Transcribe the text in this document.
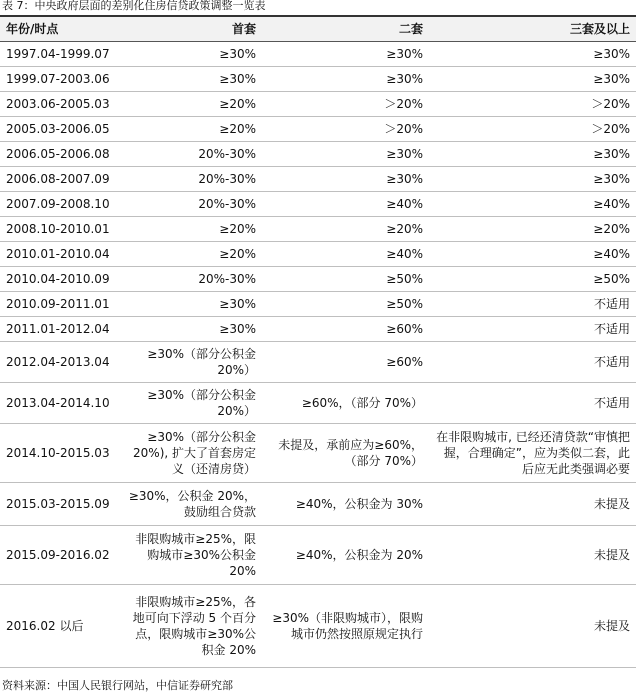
表 7：中央政府层面的差别化住房信贷政策调整一览表
年份/时点	首套	二套	三套及以上
1997.04-1999.07	≥30%	≥30%	≥30%
1999.07-2003.06	≥30%	≥30%	≥30%
2003.06-2005.03	≥20%	＞20%	＞20%
2005.03-2006.05	≥20%	＞20%	＞20%
2006.05-2006.08	20%-30%	≥30%	≥30%
2006.08-2007.09	20%-30%	≥30%	≥30%
2007.09-2008.10	20%-30%	≥40%	≥40%
2008.10-2010.01	≥20%	≥20%	≥20%
2010.01-2010.04	≥20%	≥40%	≥40%
2010.04-2010.09	20%-30%	≥50%	≥50%
2010.09-2011.01	≥30%	≥50%	不适用
2011.01-2012.04	≥30%	≥60%	不适用
2012.04-2013.04	≥30%（部分公积金 20%）	≥60%	不适用
2013.04-2014.10	≥30%（部分公积金 20%）	≥60%，（部分 70%）	不适用
2014.10-2015.03	≥30%（部分公积金 20%), 扩大了首套房定义（还清房贷）	未提及，承前应为≥60%，（部分 70%）	在非限购城市, 已经还清贷款“审慎把握，合理确定”，应为类似二套，此后应无此类强调必要
2015.03-2015.09	≥30%，公积金 20%，鼓励组合贷款	≥40%，公积金为 30%	未提及
2015.09-2016.02	非限购城市≥25%，限购城市≥30%公积金 20%	≥40%，公积金为 20%	未提及
2016.02 以后	非限购城市≥25%，各地可向下浮动 5 个百分点，限购城市≥30%公积金 20%	≥30%（非限购城市），限购城市仍然按照原规定执行	未提及
资料来源：中国人民银行网站，中信证券研究部
